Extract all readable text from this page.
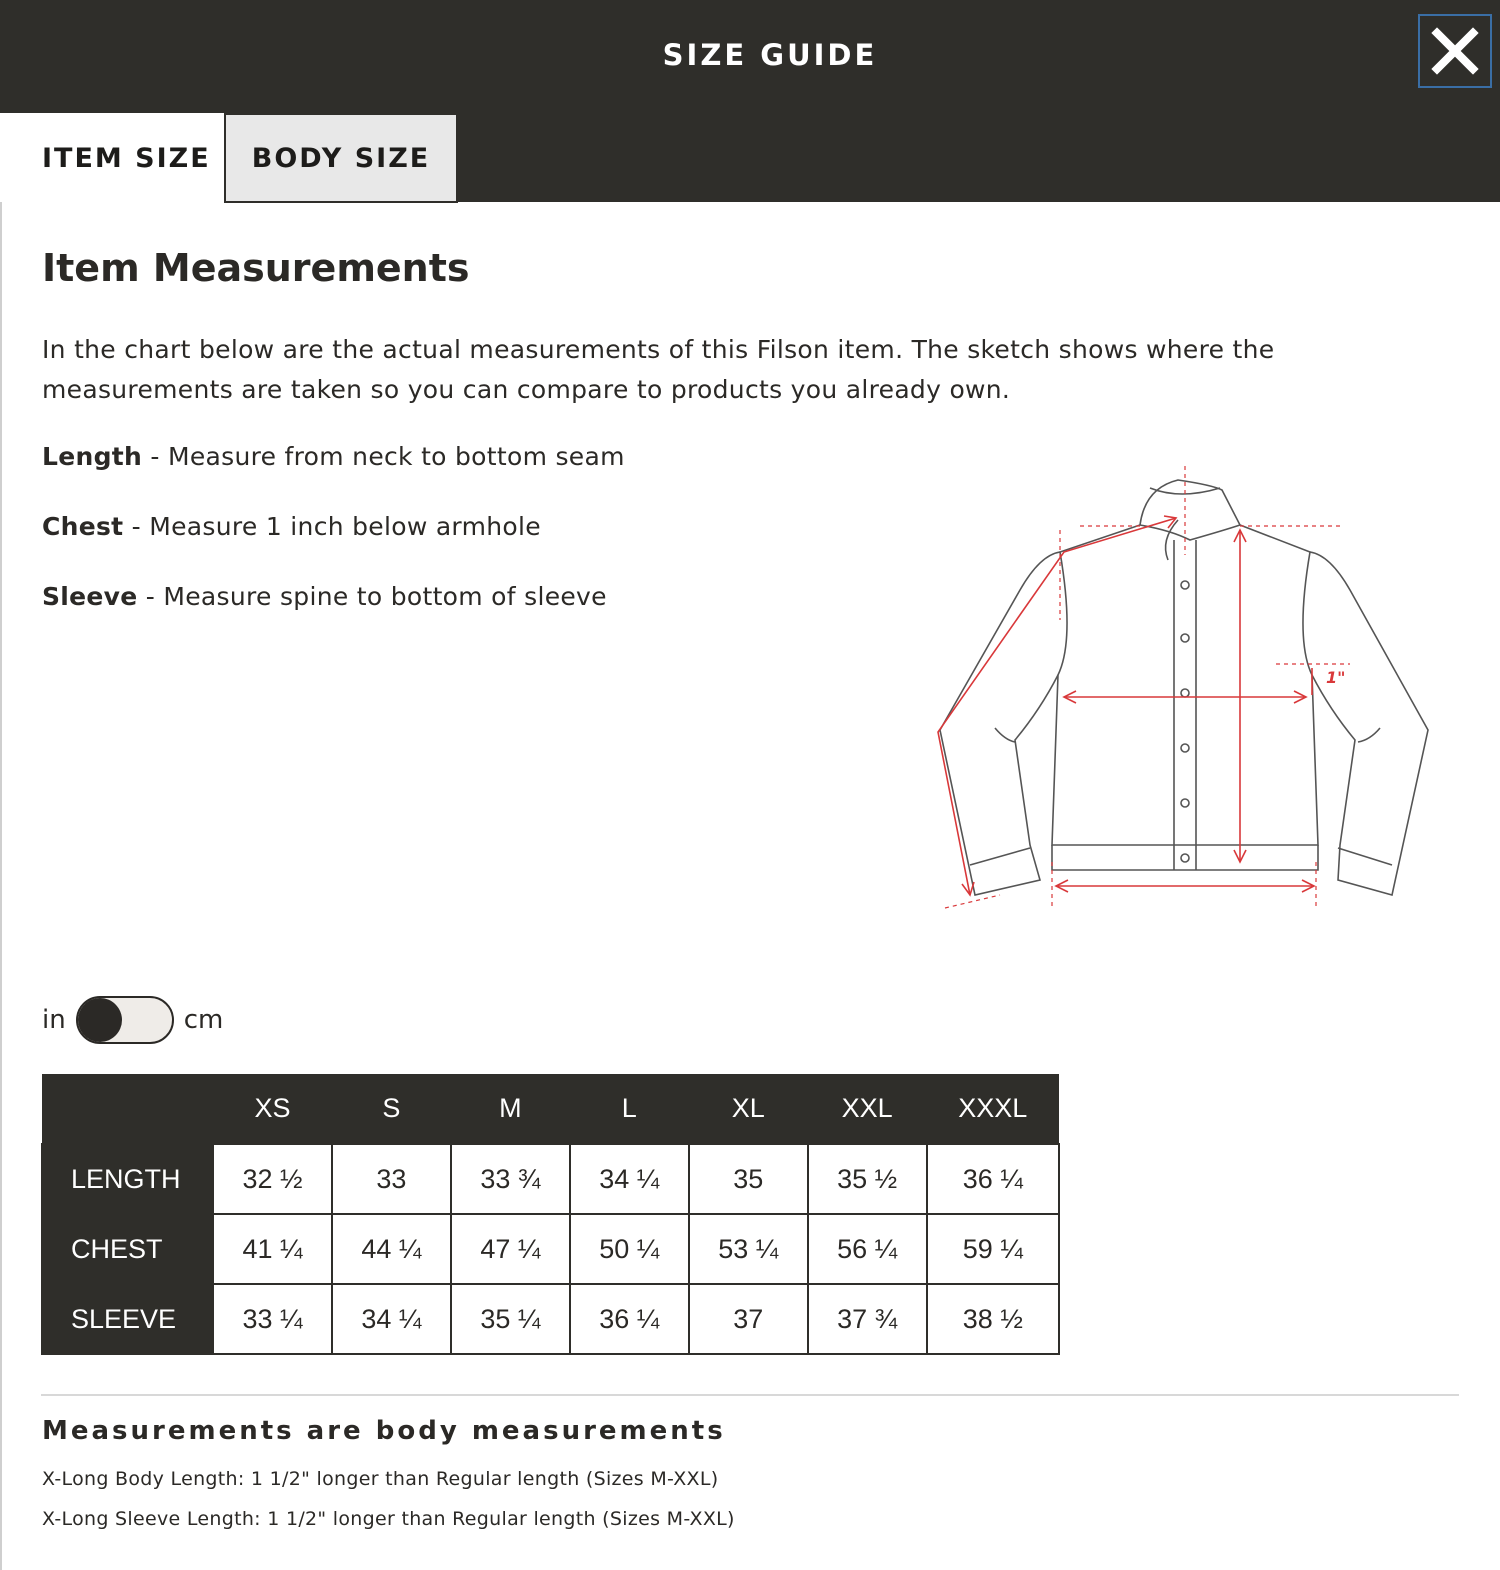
SIZE GUIDE
ITEM SIZE	BODY SIZE
Item Measurements
In the chart below are the actual measurements of this Filson item. The sketch shows where the measurements are taken so you can compare to products you already own.
Length - Measure from neck to bottom seam
Chest - Measure 1 inch below armhole
Sleeve - Measure spine to bottom of sleeve
1"
in	cm
	XS	S	M	L	XL	XXL	XXXL
LENGTH	32 ½	33	33 ¾	34 ¼	35	35 ½	36 ¼
CHEST	41 ¼	44 ¼	47 ¼	50 ¼	53 ¼	56 ¼	59 ¼
SLEEVE	33 ¼	34 ¼	35 ¼	36 ¼	37	37 ¾	38 ½
Measurements are body measurements
X-Long Body Length: 1 1/2" longer than Regular length (Sizes M-XXL)
X-Long Sleeve Length: 1 1/2" longer than Regular length (Sizes M-XXL)
